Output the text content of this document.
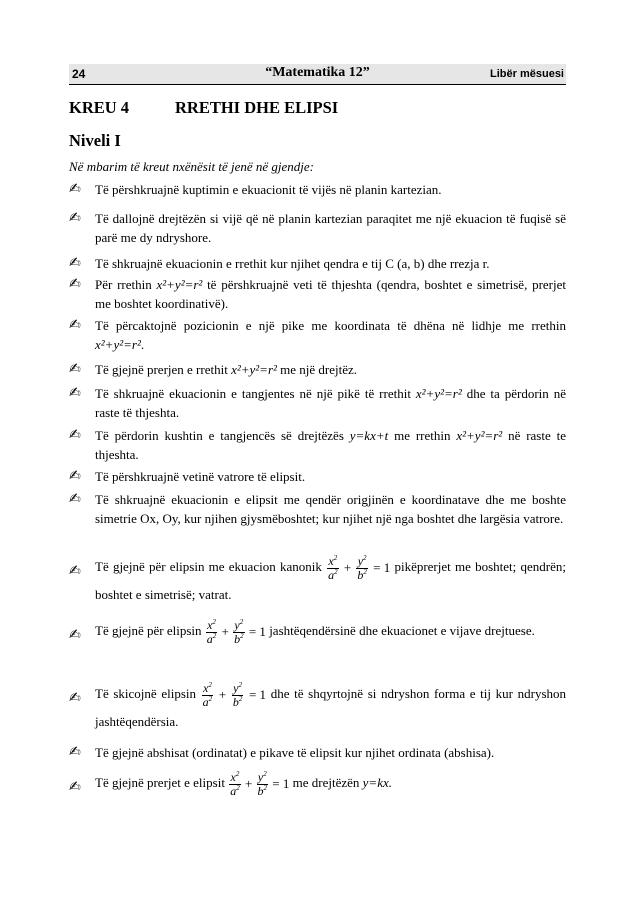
24	“Matematika 12”	Libër mësuesi
KREU 4	RRETHI DHE ELIPSI
Niveli I
Në mbarim të kreut nxënësit të jenë në gjendje:
✍	Të përshkruajnë kuptimin e ekuacionit të vijës në planin kartezian.
✍	Të dallojnë drejtëzën si vijë që në planin kartezian paraqitet me një ekuacion të fuqisë së parë me dy ndryshore.
✍	Të shkruajnë ekuacionin e rrethit kur njihet qendra e tij C (a, b) dhe rrezja r.
✍	Për rrethin x²+y²=r² të përshkruajnë veti të thjeshta (qendra, boshtet e simetrisë, prerjet me boshtet koordinativë).
✍	Të përcaktojnë pozicionin e një pike me koordinata të dhëna në lidhje me rrethin x²+y²=r².
✍	Të gjejnë prerjen e rrethit x²+y²=r² me një drejtëz.
✍	Të shkruajnë ekuacionin e tangjentes në një pikë të rrethit x²+y²=r² dhe ta përdorin në raste të thjeshta.
✍	Të përdorin kushtin e tangjencës së drejtëzës y=kx+t me rrethin x²+y²=r² në raste te thjeshta.
✍	Të përshkruajnë vetinë vatrore të elipsit.
✍	Të shkruajnë ekuacionin e elipsit me qendër origjinën e koordinatave dhe me boshte simetrie Ox, Oy, kur njihen gjysmëboshtet; kur njihet një nga boshtet dhe largësia vatrore.
✍	Të gjejnë për elipsin me ekuacion kanonik $\frac{x^2}{a^2} + \frac{y^2}{b^2} = 1$ pikëprerjet me boshtet; qendrën; boshtet e simetrisë; vatrat.
✍	Të gjejnë për elipsin $\frac{x^2}{a^2} + \frac{y^2}{b^2} = 1$ jashtëqendërsinë dhe ekuacionet e vijave drejtuese.
✍	Të skicojnë elipsin $\frac{x^2}{a^2} + \frac{y^2}{b^2} = 1$ dhe të shqyrtojnë si ndryshon forma e tij kur ndryshon jashtëqendërsia.
✍	Të gjejnë abshisat (ordinatat) e pikave të elipsit kur njihet ordinata (abshisa).
✍	Të gjejnë prerjet e elipsit $\frac{x^2}{a^2} + \frac{y^2}{b^2} = 1$ me drejtëzën y=kx.
